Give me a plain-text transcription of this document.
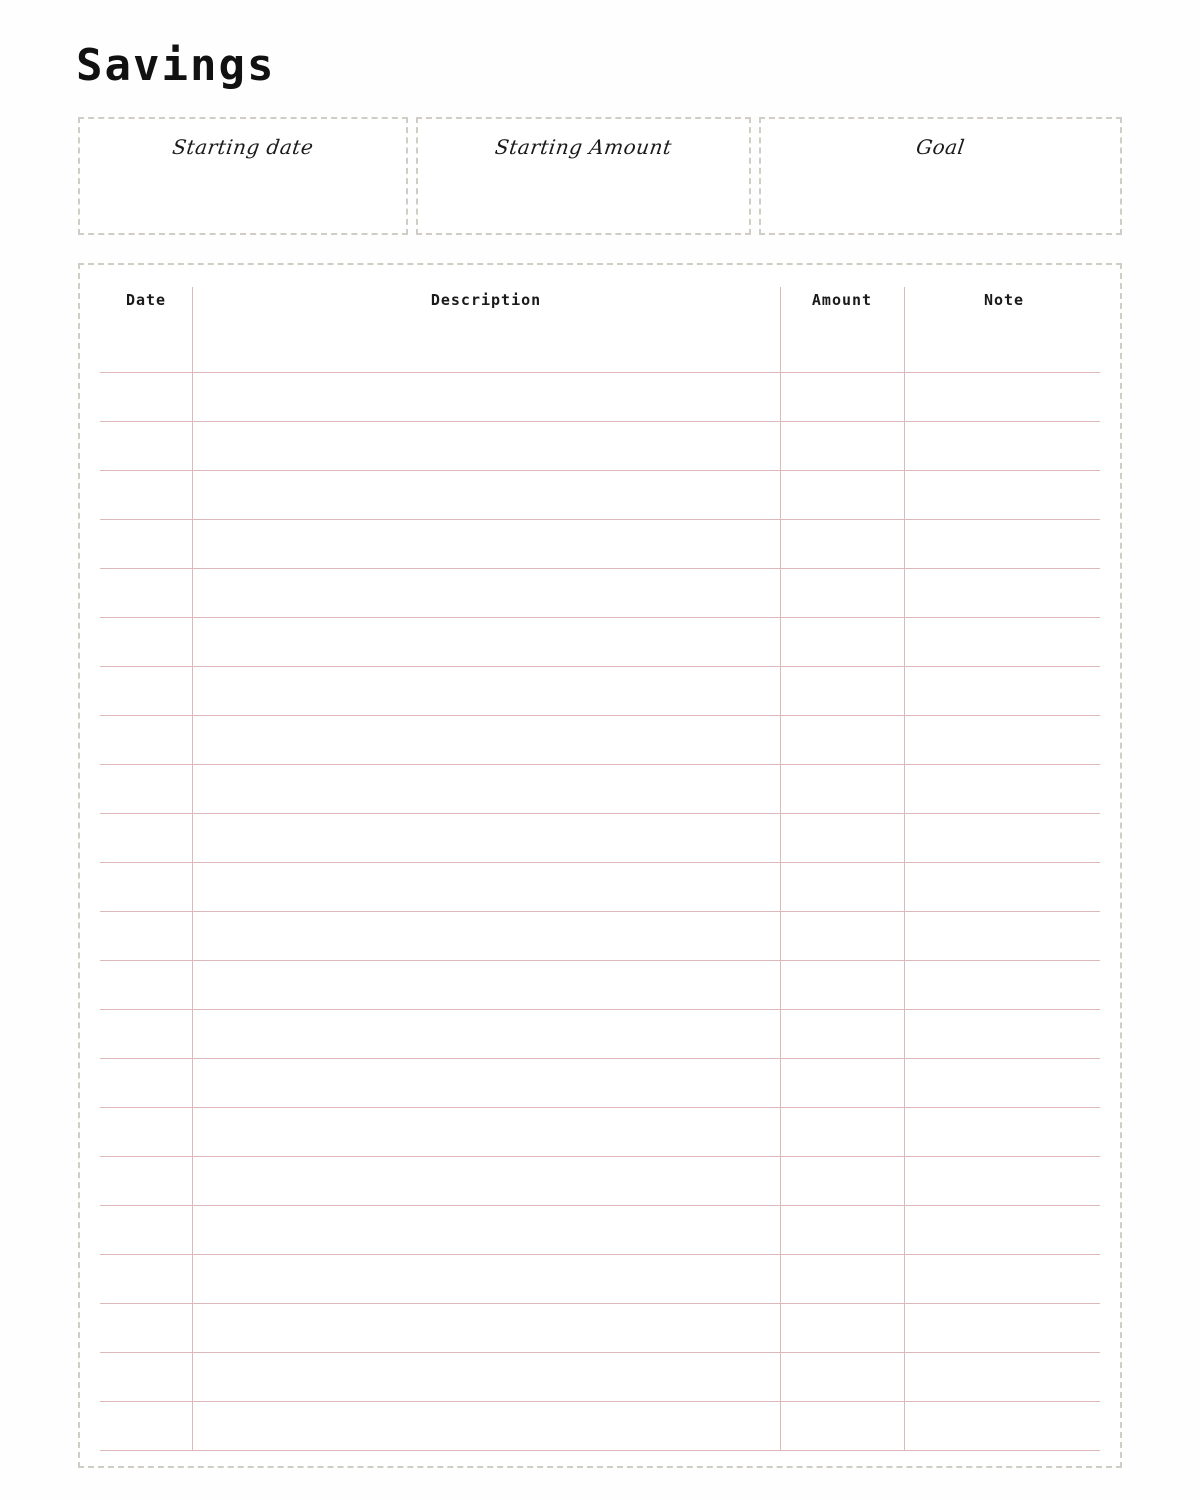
Savings
Starting date	Starting Amount	Goal
Date	Description	Amount	Note
